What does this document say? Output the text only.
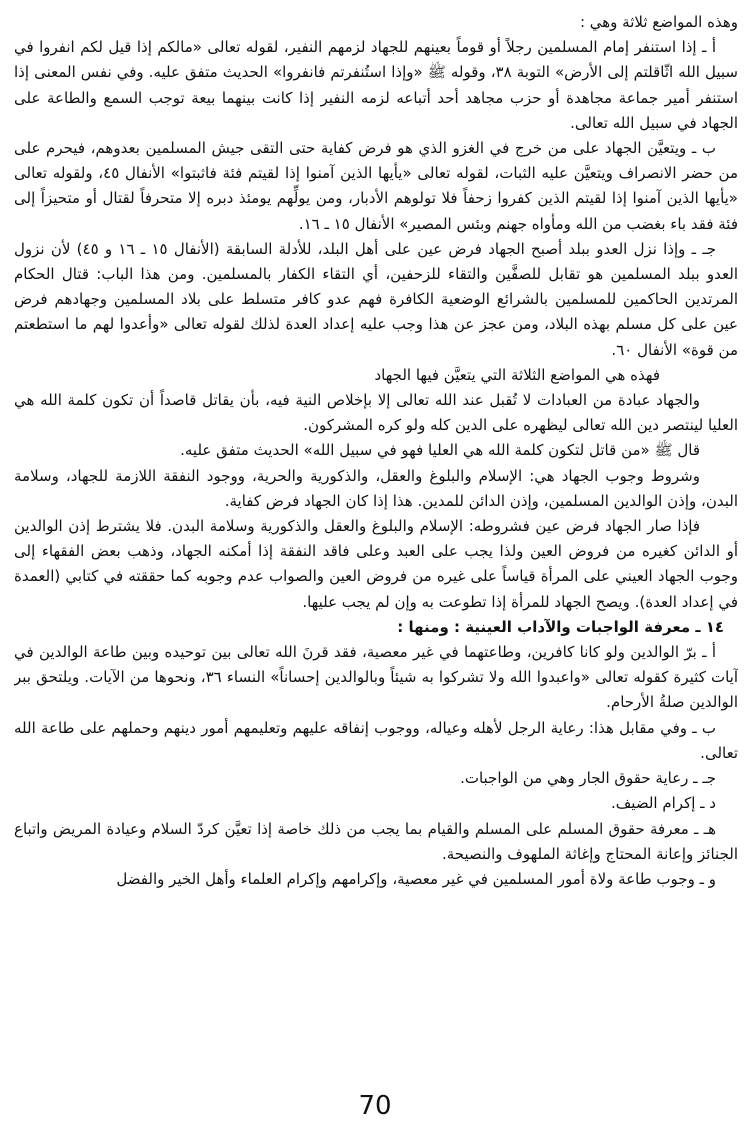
وهذه المواضع ثلاثة وهي :

أ ـ إذا استنفر إمام المسلمين رجلاً أو قوماً بعينهم للجهاد لزمهم النفير، لقوله تعالى «مالكم إذا قيل لكم انفروا في سبيل الله اثّاقلتم إلى الأرض» التوبة ٣٨، وقوله ﷺ «وإذا استُنفرتم فانفروا» الحديث متفق عليه. وفي نفس المعنى إذا استنفر أمير جماعة مجاهدة أو حزب مجاهد أحد أتباعه لزمه النفير إذا كانت بينهما بيعة توجب السمع والطاعة على الجهاد في سبيل الله تعالى.

ب ـ ويتعيَّن الجهاد على من خرج في الغزو الذي هو فرض كفاية حتى التقى جيش المسلمين بعدوهم، فيحرم على من حضر الانصراف ويتعيَّن عليه الثبات، لقوله تعالى «يأيها الذين آمنوا إذا لقيتم فئة فاثبتوا» الأنفال ٤٥، ولقوله تعالى «يأيها الذين آمنوا إذا لقيتم الذين كفروا زحفاً فلا تولوهم الأدبار، ومن يولِّهم يومئذ دبره إلا متحرفاً لقتال أو متحيزاً إلى فئة فقد باء بغضب من الله ومأواه جهنم وبئس المصير» الأنفال ١٥ ـ ١٦.

جـ ـ وإذا نزل العدو ببلد أصبح الجهاد فرض عين على أهل البلد، للأدلة السابقة (الأنفال ١٥ ـ ١٦ و ٤٥) لأن نزول العدو ببلد المسلمين هو تقابل للصفَّين والتقاء للزحفين، أي التقاء الكفار بالمسلمين. ومن هذا الباب: قتال الحكام المرتدين الحاكمين للمسلمين بالشرائع الوضعية الكافرة فهم عدو كافر متسلط على بلاد المسلمين وجهادهم فرض عين على كل مسلم بهذه البلاد، ومن عجز عن هذا وجب عليه إعداد العدة لذلك لقوله تعالى «وأعدوا لهم ما استطعتم من قوة» الأنفال ٦٠.

فهذه هي المواضع الثلاثة التي يتعيَّن فيها الجهاد

والجهاد عبادة من العبادات لا تُقبل عند الله تعالى إلا بإخلاص النية فيه، بأن يقاتل قاصداً أن تكون كلمة الله هي العليا لينتصر دين الله تعالى ليظهره على الدين كله ولو كره المشركون.

قال ﷺ «من قاتل لتكون كلمة الله هي العليا فهو في سبيل الله» الحديث متفق عليه.

وشروط وجوب الجهاد هي: الإسلام والبلوغ والعقل، والذكورية والحرية، ووجود النفقة اللازمة للجهاد، وسلامة البدن، وإذن الوالدين المسلمين، وإذن الدائن للمدين. هذا إذا كان الجهاد فرض كفاية.

فإذا صار الجهاد فرض عين فشروطه: الإسلام والبلوغ والعقل والذكورية وسلامة البدن. فلا يشترط إذن الوالدين أو الدائن كغيره من فروض العين ولذا يجب على العبد وعلى فاقد النفقة إذا أمكنه الجهاد، وذهب بعض الفقهاء إلى وجوب الجهاد العيني على المرأة قياساً على غيره من فروض العين والصواب عدم وجوبه كما حققته في كتابي (العمدة في إعداد العدة). ويصح الجهاد للمرأة إذا تطوعت به وإن لم يجب عليها.

١٤ ـ معرفة الواجبات والآداب العينية : ومنها :

أ ـ برّ الوالدين ولو كانا كافرين، وطاعتهما في غير معصية، فقد قرنَ الله تعالى بين توحيده وبين طاعة الوالدين في آيات كثيرة كقوله تعالى «واعبدوا الله ولا تشركوا به شيئاً وبالوالدين إحساناً» النساء ٣٦، ونحوها من الآيات. ويلتحق ببر الوالدين صلةُ الأرحام.

ب ـ وفي مقابل هذا: رعاية الرجل لأهله وعياله، ووجوب إنفاقه عليهم وتعليمهم أمور دينهم وحملهم على طاعة الله تعالى.

جـ ـ رعاية حقوق الجار وهي من الواجبات.

د ـ إكرام الضيف.

هـ ـ معرفة حقوق المسلم على المسلم والقيام بما يجب من ذلك خاصة إذا تعيَّن كردّ السلام وعيادة المريض واتباع الجنائز وإعانة المحتاج وإغاثة الملهوف والنصيحة.

و ـ وجوب طاعة ولاة أمور المسلمين في غير معصية، وإكرامهم وإكرام العلماء وأهل الخير والفضل

70
